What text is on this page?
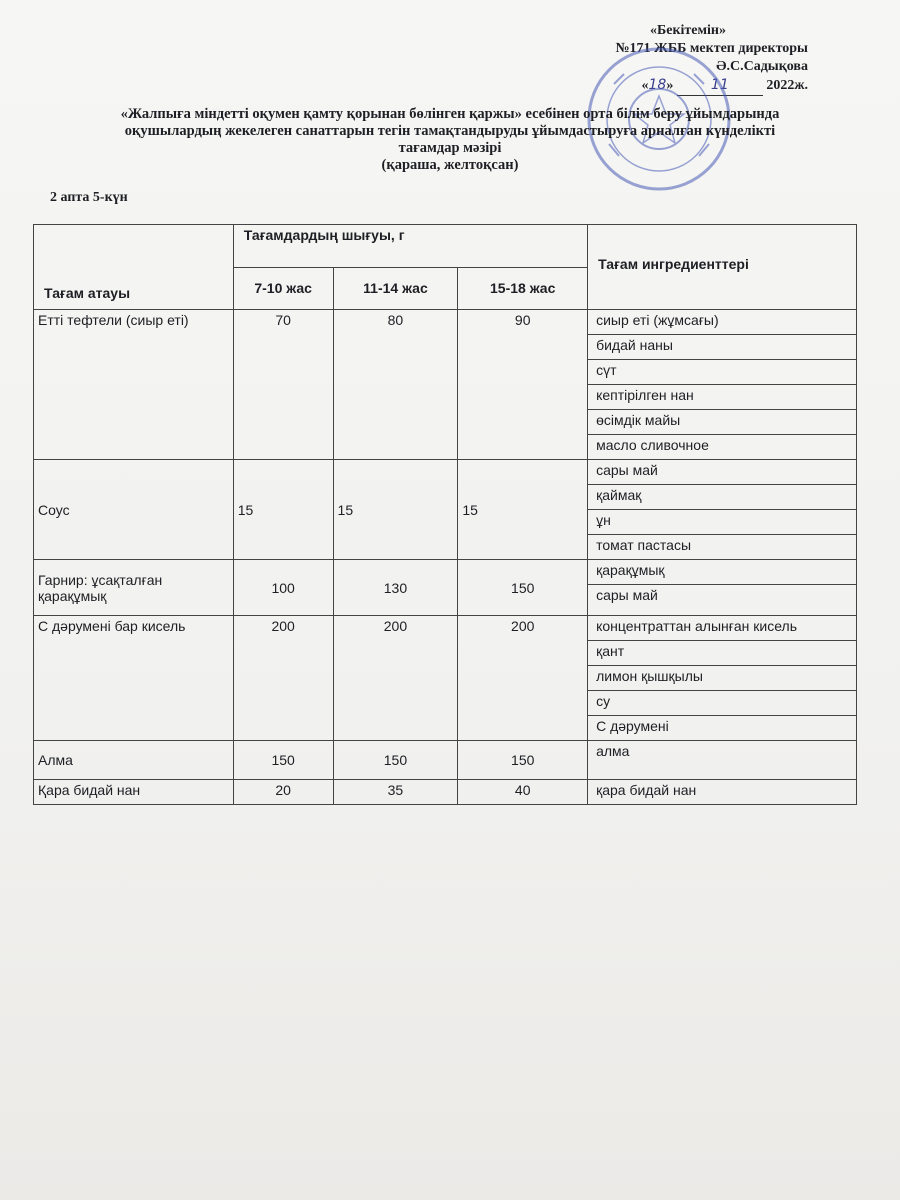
«Бекітемін»
№171 ЖББ мектеп директоры
Ә.С.Садықова
«18» 11	2022ж.
«Жалпыға міндетті оқумен қамту қорынан бөлінген қаржы» есебінен орта білім беру ұйымдарында
оқушылардың жекелеген санаттарын тегін тамақтандыруды ұйымдастыруға арналған күнделікті
тағамдар мәзірі
(қараша, желтоқсан)
2 апта 5-күн
Тағам атауы	Тағамдардың шығуы, г			Тағам ингредиенттері
	7-10 жас	11-14 жас	15-18 жас	
Етті тефтели (сиыр еті)	70	80	90	сиыр еті (жұмсағы)
				бидай наны
				сүт
				кептірілген нан
				өсімдік майы
				масло сливочное
Соус	15	15	15	сары май
				қаймақ
				ұн
				томат пастасы
Гарнир: ұсақталған қарақұмық	100	130	150	қарақұмық
				сары май
С дәрумені бар кисель	200	200	200	концентраттан алынған кисель
				қант
				лимон қышқылы
				су
				С дәрумені
Алма	150	150	150	алма
Қара бидай нан	20	35	40	қара бидай нан
